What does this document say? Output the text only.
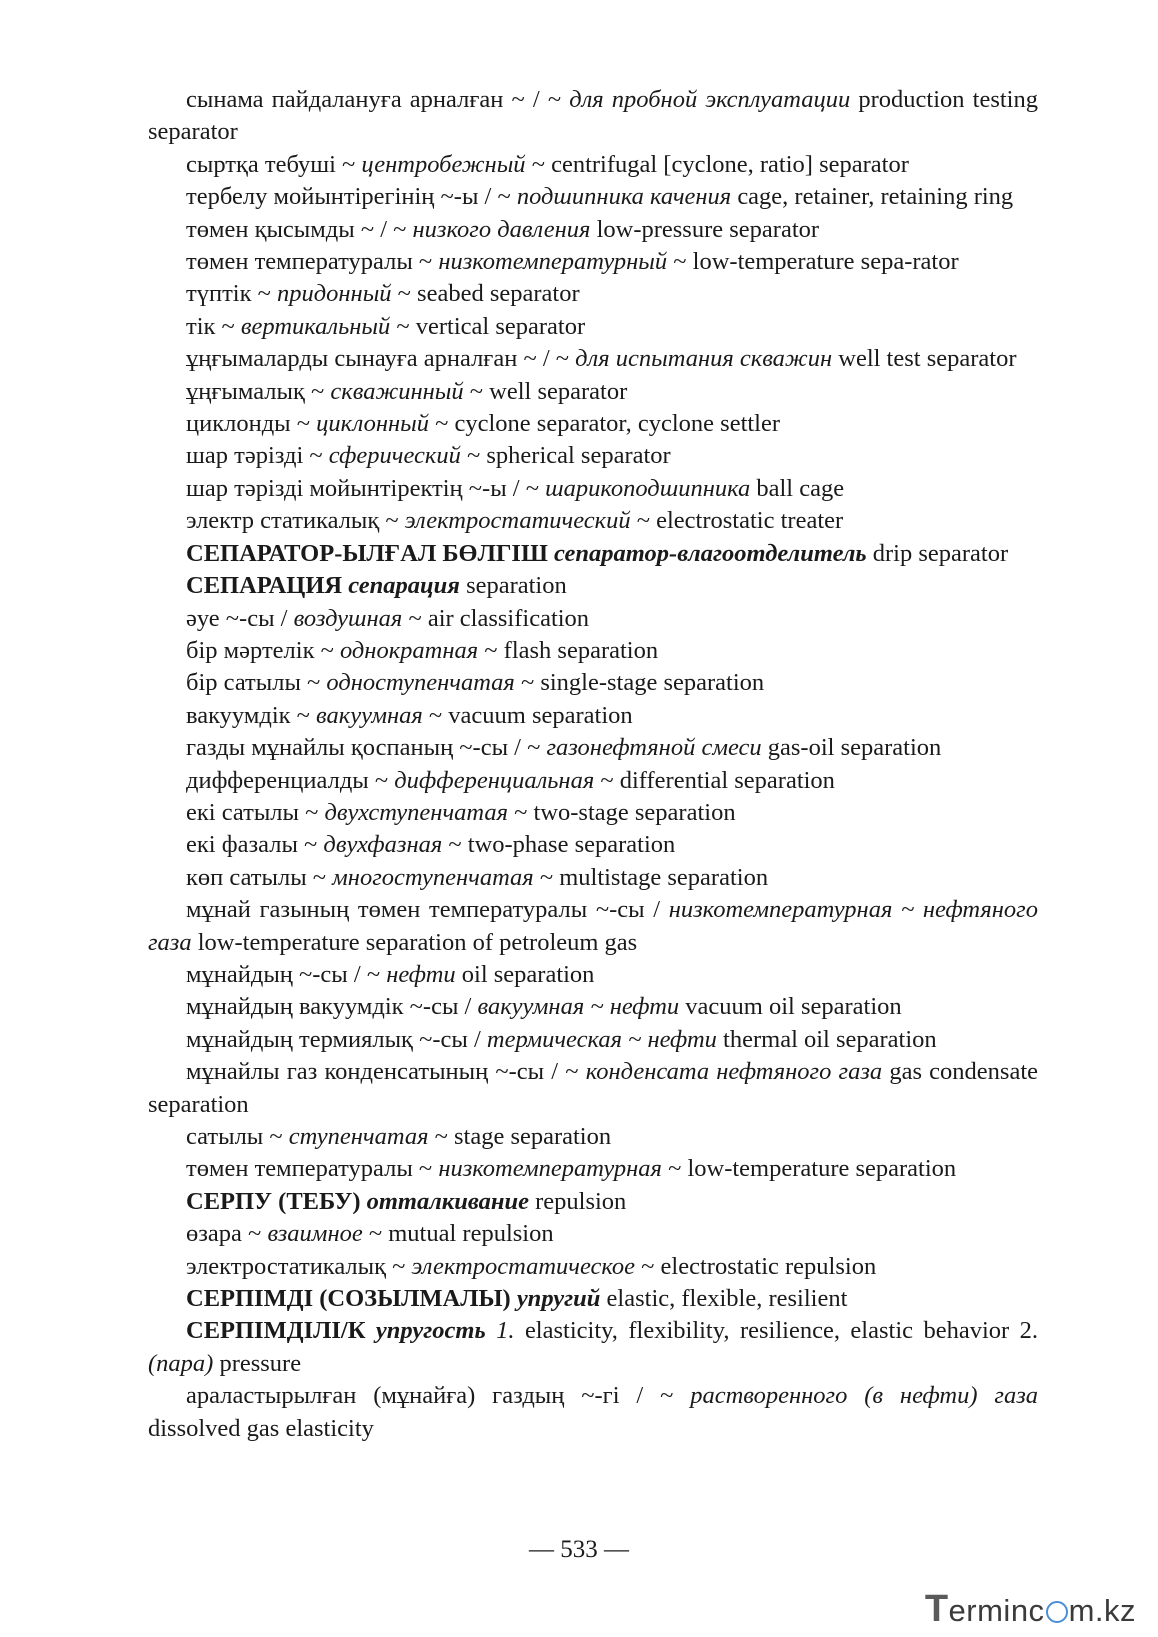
сынама пайдалануға арналған ~ / ~ для пробной эксплуатации production testing separator

сыртқа тебуші ~ центробежный ~ centrifugal [cyclone, ratio] separator

тербелу мойынтірегінің ~-ы / ~ подшипника качения cage, retainer, retaining ring

төмен қысымды ~ / ~ низкого давления low-pressure separator

төмен температуралы ~ низкотемпературный ~ low-temperature sepa-rator

түптік ~ придонный ~ seabed separator

тік ~ вертикальный ~ vertical separator

ұңғымаларды сынауға арналған ~ / ~ для испытания скважин well test separator

ұңғымалық ~ скважинный ~ well separator

циклонды ~ циклонный ~ cyclone separator, cyclone settler

шар тәрізді ~ сферический ~ spherical separator

шар тәрізді мойынтіректің ~-ы / ~ шарикоподшипника ball cage

электр статикалық ~ электростатический ~ electrostatic treater

СЕПАРАТОР-ЫЛҒАЛ БӨЛГІШ сепаратор-влагоотделитель drip separator

СЕПАРАЦИЯ сепарация separation

әуе ~-сы / воздушная ~ air classification

бір мәртелік ~ однократная ~ flash separation

бір сатылы ~ одноступенчатая ~ single-stage separation

вакуумдік ~ вакуумная ~ vacuum separation

газды мұнайлы қоспаның ~-сы / ~ газонефтяной смеси gas-oil separation

дифференциалды ~ дифференциальная ~ differential separation

екі сатылы ~ двухступенчатая ~ two-stage separation

екі фазалы ~ двухфазная ~ two-phase separation

көп сатылы ~ многоступенчатая ~ multistage separation

мұнай газының төмен температуралы ~-сы / низкотемпературная ~ нефтяного газа low-temperature separation of petroleum gas

мұнайдың ~-сы / ~ нефти oil separation

мұнайдың вакуумдік ~-сы / вакуумная ~ нефти vacuum oil separation

мұнайдың термиялық ~-сы / термическая ~ нефти thermal oil separation

мұнайлы газ конденсатының ~-сы / ~ конденсата нефтяного газа gas condensate separation

сатылы ~ ступенчатая ~ stage separation

төмен температуралы ~ низкотемпературная ~ low-temperature separation

СЕРПУ (ТЕБУ) отталкивание repulsion

өзара ~ взаимное ~ mutual repulsion

электростатикалық ~ электростатическое ~ electrostatic repulsion

СЕРПІМДІ (СОЗЫЛМАЛЫ) упругий elastic, flexible, resilient

СЕРПІМДІЛІ/К упругость 1. elasticity, flexibility, resilience, elastic behavior 2. (пара) pressure

араластырылған (мұнайға) газдың ~-гі / ~ растворенного (в нефти) газа dissolved gas elasticity

— 533 —
Terminc m.kz
